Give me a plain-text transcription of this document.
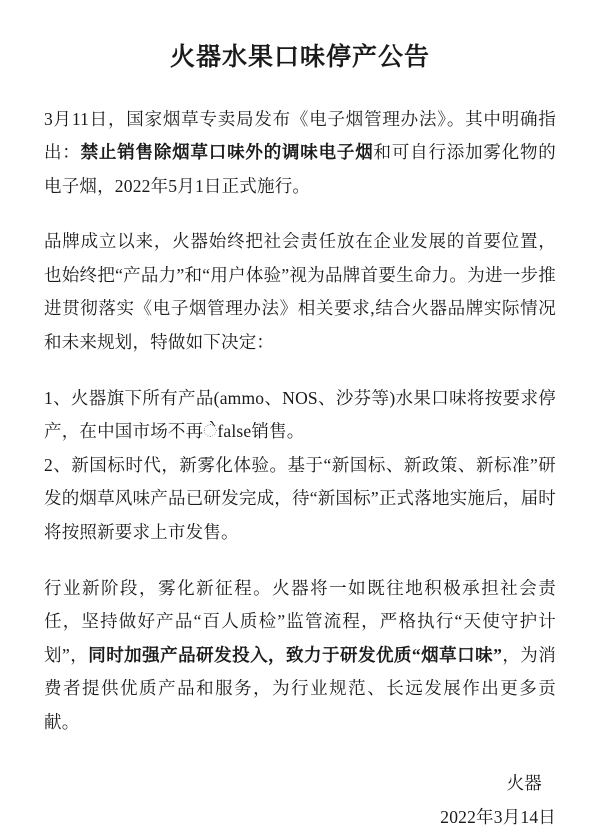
火器水果口味停产公告

3月11日，国家烟草专卖局发布《电子烟管理办法》。其中明确指出：禁止销售除烟草口味外的调味电子烟和可自行添加雾化物的电子烟，2022年5月1日正式施行。

品牌成立以来，火器始终把社会责任放在企业发展的首要位置，也始终把“产品力”和“用户体验”视为品牌首要生命力。为进一步推进贯彻落实《电子烟管理办法》相关要求,结合火器品牌实际情况和未来规划，特做如下决定：

1、火器旗下所有产品(ammo、NOS、沙芬等)水果口味将按要求停产，在中国市场不再ેfalse销售。

2、新国标时代，新雾化体验。基于“新国标、新政策、新标准”研发的烟草风味产品已研发完成，待“新国标”正式落地实施后，届时将按照新要求上市发售。

行业新阶段，雾化新征程。火器将一如既往地积极承担社会责任，坚持做好产品“百人质检”监管流程，严格执行“天使守护计划”，同时加强产品研发投入，致力于研发优质“烟草口味”，为消费者提供优质产品和服务，为行业规范、长远发展作出更多贡献。

火器
2022年3月14日
